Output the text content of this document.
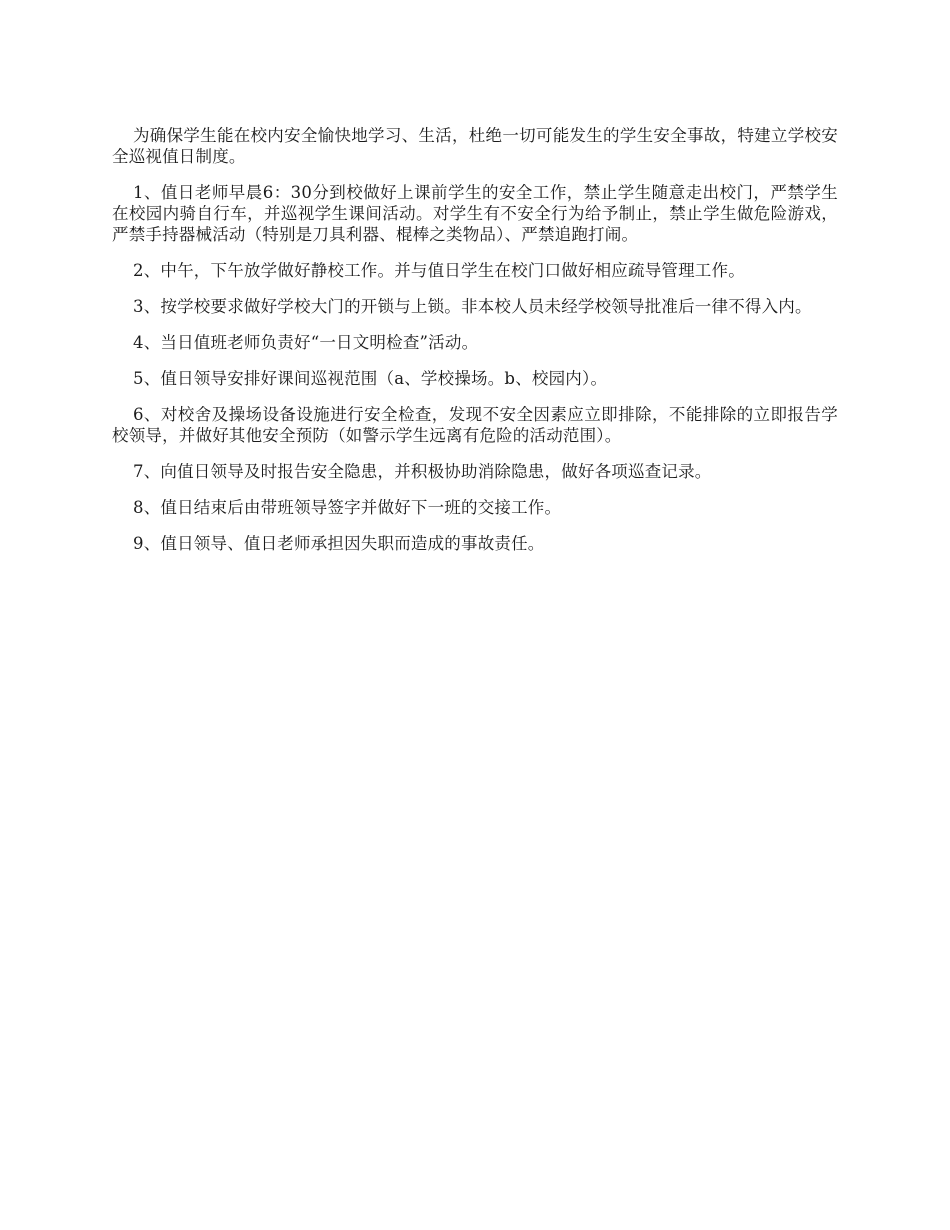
为确保学生能在校内安全愉快地学习、生活，杜绝一切可能发生的学生安全事故，特建立学校安全巡视值日制度。

1、值日老师早晨6：30分到校做好上课前学生的安全工作，禁止学生随意走出校门，严禁学生在校园内骑自行车，并巡视学生课间活动。对学生有不安全行为给予制止，禁止学生做危险游戏，严禁手持器械活动（特别是刀具利器、棍棒之类物品）、严禁追跑打闹。

2、中午，下午放学做好静校工作。并与值日学生在校门口做好相应疏导管理工作。

3、按学校要求做好学校大门的开锁与上锁。非本校人员未经学校领导批准后一律不得入内。

4、当日值班老师负责好“一日文明检查”活动。

5、值日领导安排好课间巡视范围（a、学校操场。b、校园内）。

6、对校舍及操场设备设施进行安全检查，发现不安全因素应立即排除，不能排除的立即报告学校领导，并做好其他安全预防（如警示学生远离有危险的活动范围）。

7、向值日领导及时报告安全隐患，并积极协助消除隐患，做好各项巡查记录。

8、值日结束后由带班领导签字并做好下一班的交接工作。

9、值日领导、值日老师承担因失职而造成的事故责任。
